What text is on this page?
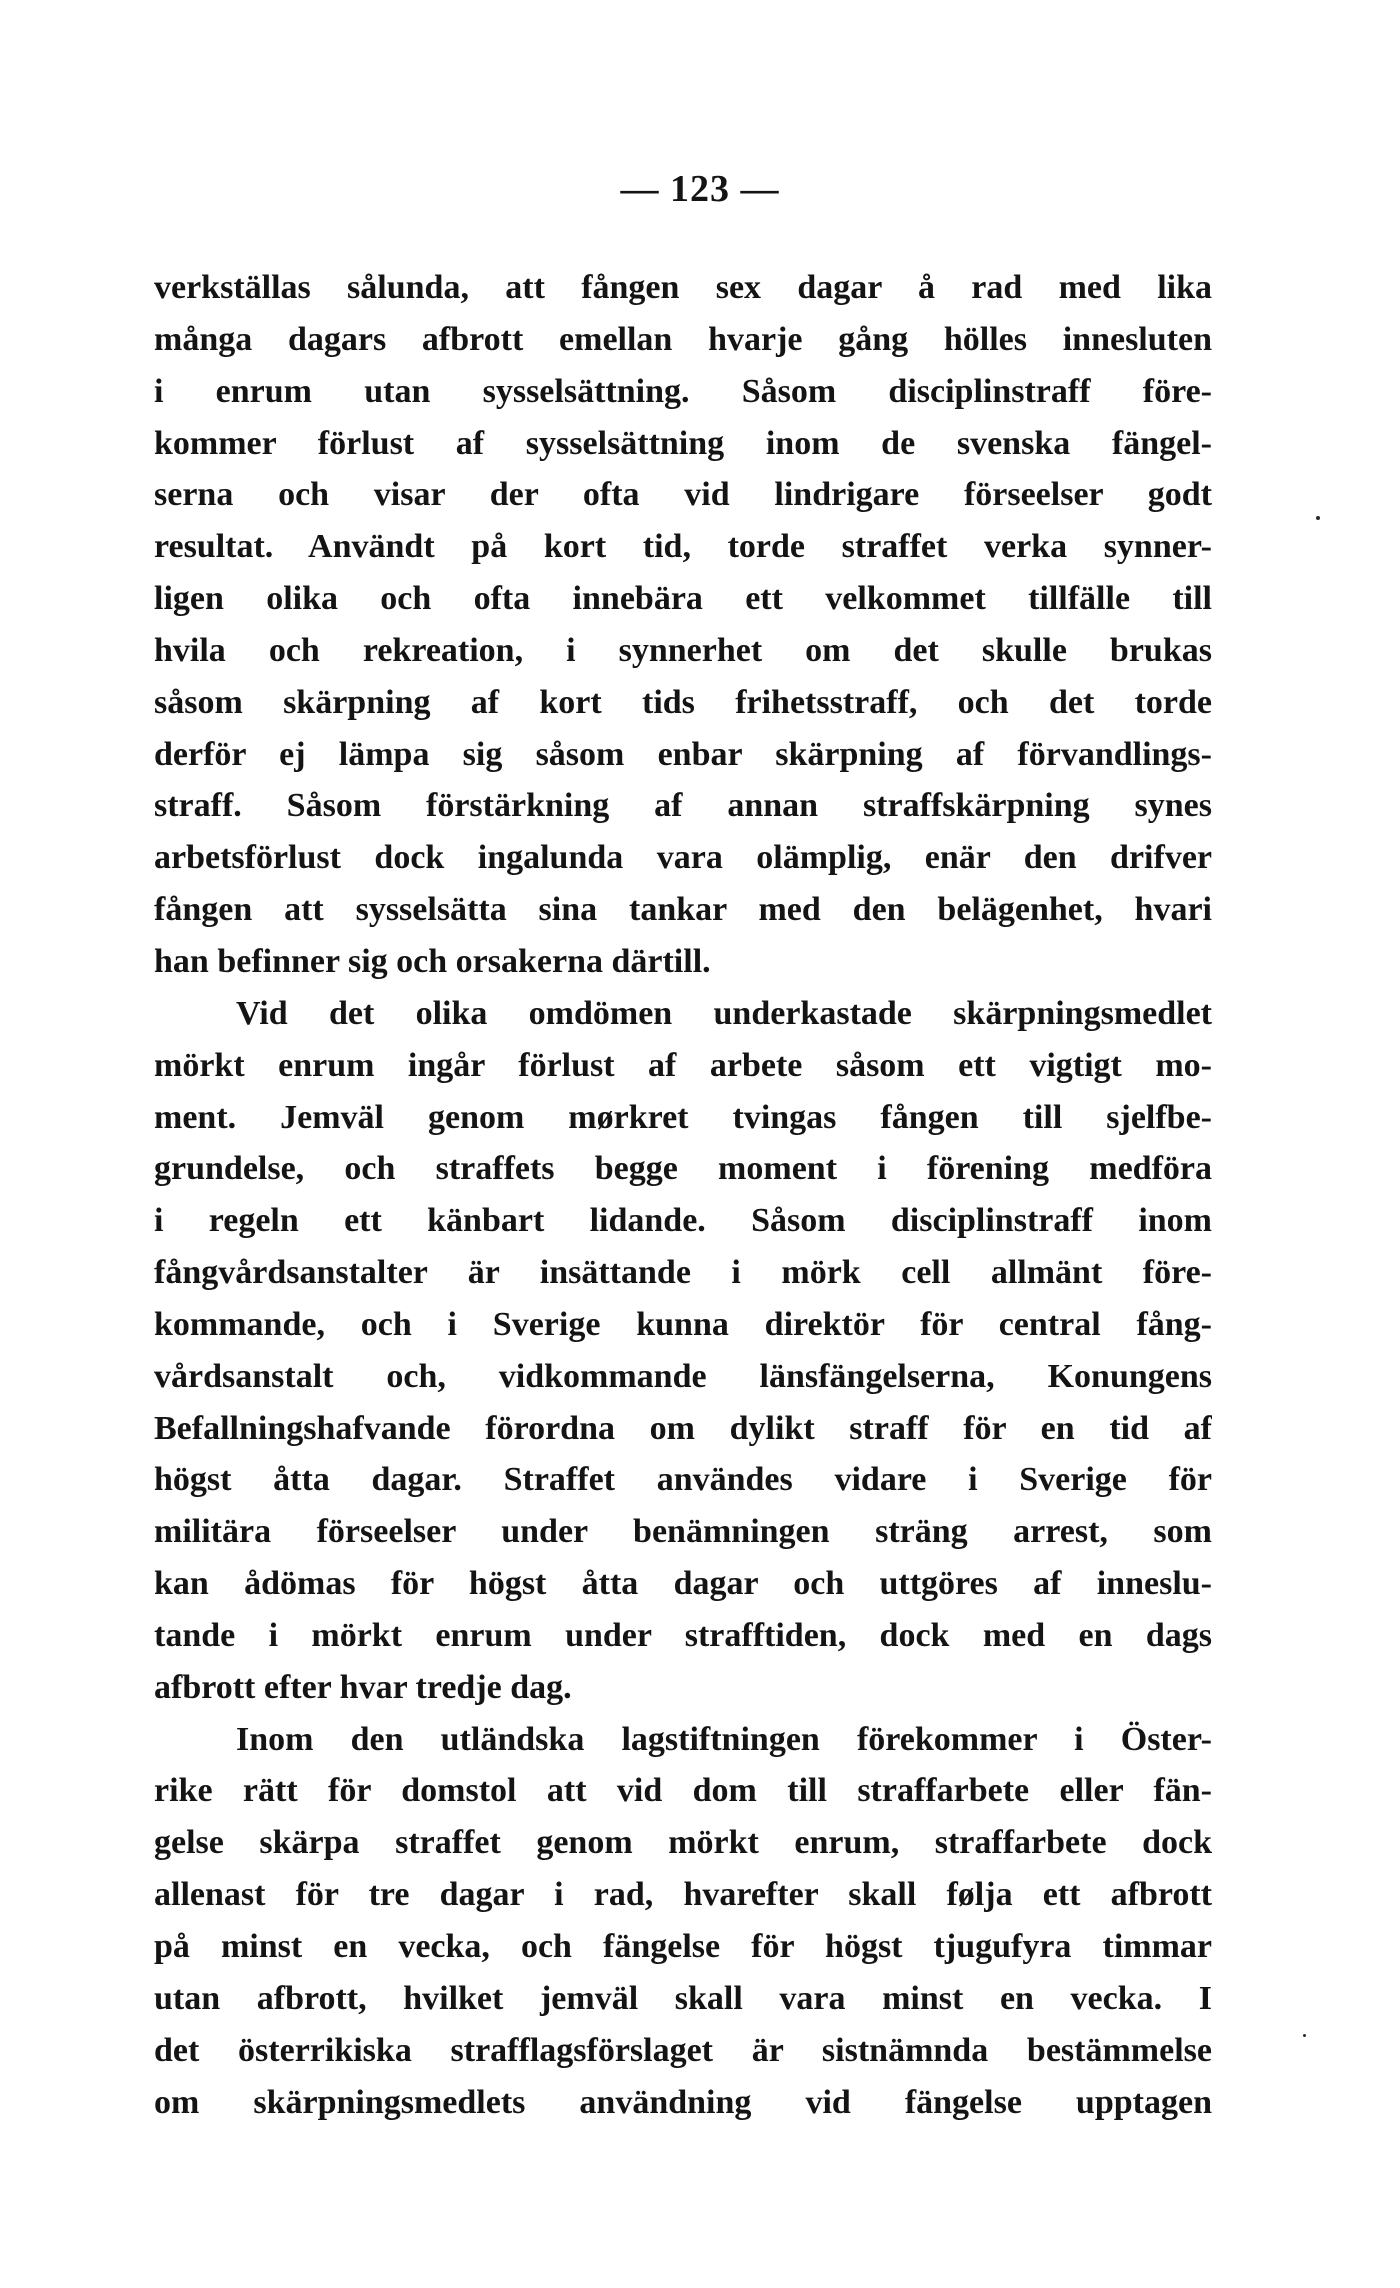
— 123 —
verkställas sålunda, att fången sex dagar å rad med lika
många dagars afbrott emellan hvarje gång hölles innesluten
i enrum utan sysselsättning. Såsom disciplinstraff före-
kommer förlust af sysselsättning inom de svenska fängel-
serna och visar der ofta vid lindrigare förseelser godt
resultat. Användt på kort tid, torde straffet verka synner-
ligen olika och ofta innebära ett velkommet tillfälle till
hvila och rekreation, i synnerhet om det skulle brukas
såsom skärpning af kort tids frihetsstraff, och det torde
derför ej lämpa sig såsom enbar skärpning af förvandlings-
straff. Såsom förstärkning af annan straffskärpning synes
arbetsförlust dock ingalunda vara olämplig, enär den drifver
fången att sysselsätta sina tankar med den belägenhet, hvari
han befinner sig och orsakerna därtill.
Vid det olika omdömen underkastade skärpningsmedlet
mörkt enrum ingår förlust af arbete såsom ett vigtigt mo-
ment. Jemväl genom mørkret tvingas fången till sjelfbe-
grundelse, och straffets begge moment i förening medföra
i regeln ett känbart lidande. Såsom disciplinstraff inom
fångvårdsanstalter är insättande i mörk cell allmänt före-
kommande, och i Sverige kunna direktör för central fång-
vårdsanstalt och, vidkommande länsfängelserna, Konungens
Befallningshafvande förordna om dylikt straff för en tid af
högst åtta dagar. Straffet användes vidare i Sverige för
militära förseelser under benämningen sträng arrest, som
kan ådömas för högst åtta dagar och uttgöres af inneslu-
tande i mörkt enrum under strafftiden, dock med en dags
afbrott efter hvar tredje dag.
Inom den utländska lagstiftningen förekommer i Öster-
rike rätt för domstol att vid dom till straffarbete eller fän-
gelse skärpa straffet genom mörkt enrum, straffarbete dock
allenast för tre dagar i rad, hvarefter skall følja ett afbrott
på minst en vecka, och fängelse för högst tjugufyra timmar
utan afbrott, hvilket jemväl skall vara minst en vecka. I
det österrikiska strafflagsförslaget är sistnämnda bestämmelse
om skärpningsmedlets användning vid fängelse upptagen
